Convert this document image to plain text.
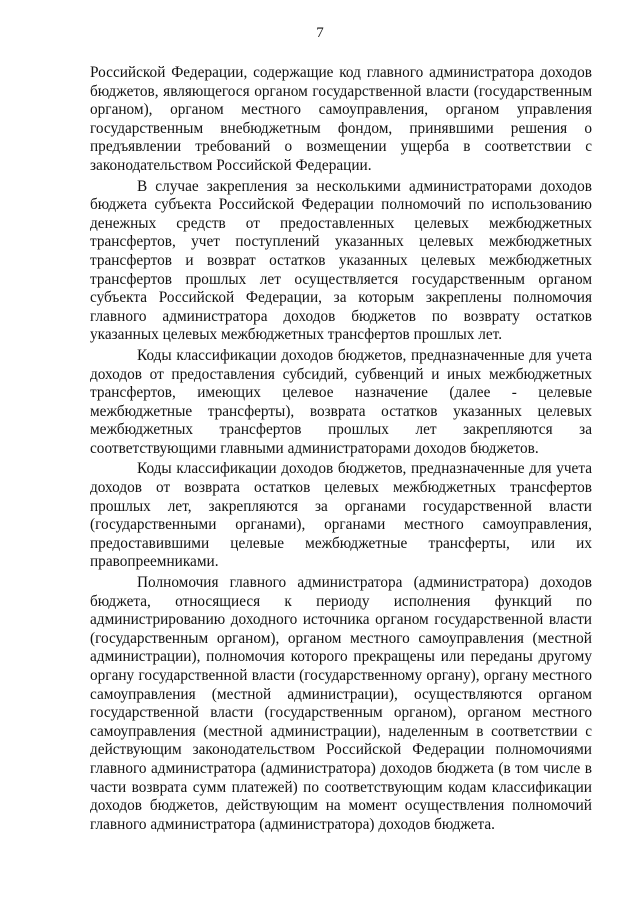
7

Российской Федерации, содержащие код главного администратора доходов бюджетов, являющегося органом государственной власти (государственным органом), органом местного самоуправления, органом управления государственным внебюджетным фондом, принявшими решения о предъявлении требований о возмещении ущерба в соответствии с законодательством Российской Федерации.

В случае закрепления за несколькими администраторами доходов бюджета субъекта Российской Федерации полномочий по использованию денежных средств от предоставленных целевых межбюджетных трансфертов, учет поступлений указанных целевых межбюджетных трансфертов и возврат остатков указанных целевых межбюджетных трансфертов прошлых лет осуществляется государственным органом субъекта Российской Федерации, за которым закреплены полномочия главного администратора доходов бюджетов по возврату остатков указанных целевых межбюджетных трансфертов прошлых лет.

Коды классификации доходов бюджетов, предназначенные для учета доходов от предоставления субсидий, субвенций и иных межбюджетных трансфертов, имеющих целевое назначение (далее - целевые межбюджетные трансферты), возврата остатков указанных целевых межбюджетных трансфертов прошлых лет закрепляются за соответствующими главными администраторами доходов бюджетов.

Коды классификации доходов бюджетов, предназначенные для учета доходов от возврата остатков целевых межбюджетных трансфертов прошлых лет, закрепляются за органами государственной власти (государственными органами), органами местного самоуправления, предоставившими целевые межбюджетные трансферты, или их правопреемниками.

Полномочия главного администратора (администратора) доходов бюджета, относящиеся к периоду исполнения функций по администрированию доходного источника органом государственной власти (государственным органом), органом местного самоуправления (местной администрации), полномочия которого прекращены или переданы другому органу государственной власти (государственному органу), органу местного самоуправления (местной администрации), осуществляются органом государственной власти (государственным органом), органом местного самоуправления (местной администрации), наделенным в соответствии с действующим законодательством Российской Федерации полномочиями главного администратора (администратора) доходов бюджета (в том числе в части возврата сумм платежей) по соответствующим кодам классификации доходов бюджетов, действующим на момент осуществления полномочий главного администратора (администратора) доходов бюджета.
